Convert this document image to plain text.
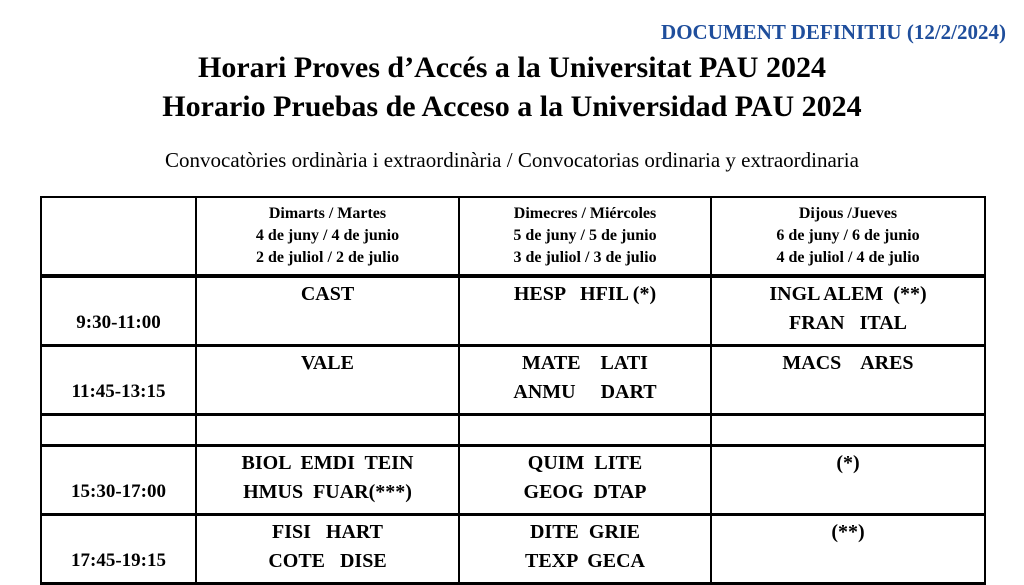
DOCUMENT DEFINITIU (12/2/2024)
Horari Proves d’Accés a la Universitat PAU 2024
Horario Pruebas de Acceso a la Universidad PAU 2024
Convocatòries ordinària i extraordinària / Convocatorias ordinaria y extraordinaria

	Dimarts / Martes
4 de juny / 4 de junio
2 de juliol / 2 de julio	Dimecres / Miércoles
5 de juny / 5 de junio
3 de juliol / 3 de julio	Dijous /Jueves
6 de juny / 6 de junio
4 de juliol / 4 de julio

9:30-11:00	CAST	HESP   HFIL (*)	INGL ALEM  (**)
FRAN   ITAL

11:45-13:15	VALE	MATE    LATI
ANMU     DART	MACS    ARES

15:30-17:00	BIOL  EMDI  TEIN
HMUS  FUAR(***)	QUIM  LITE
GEOG  DTAP	(*)

17:45-19:15	FISI   HART
COTE   DISE	DITE  GRIE
TEXP  GECA	(**)
